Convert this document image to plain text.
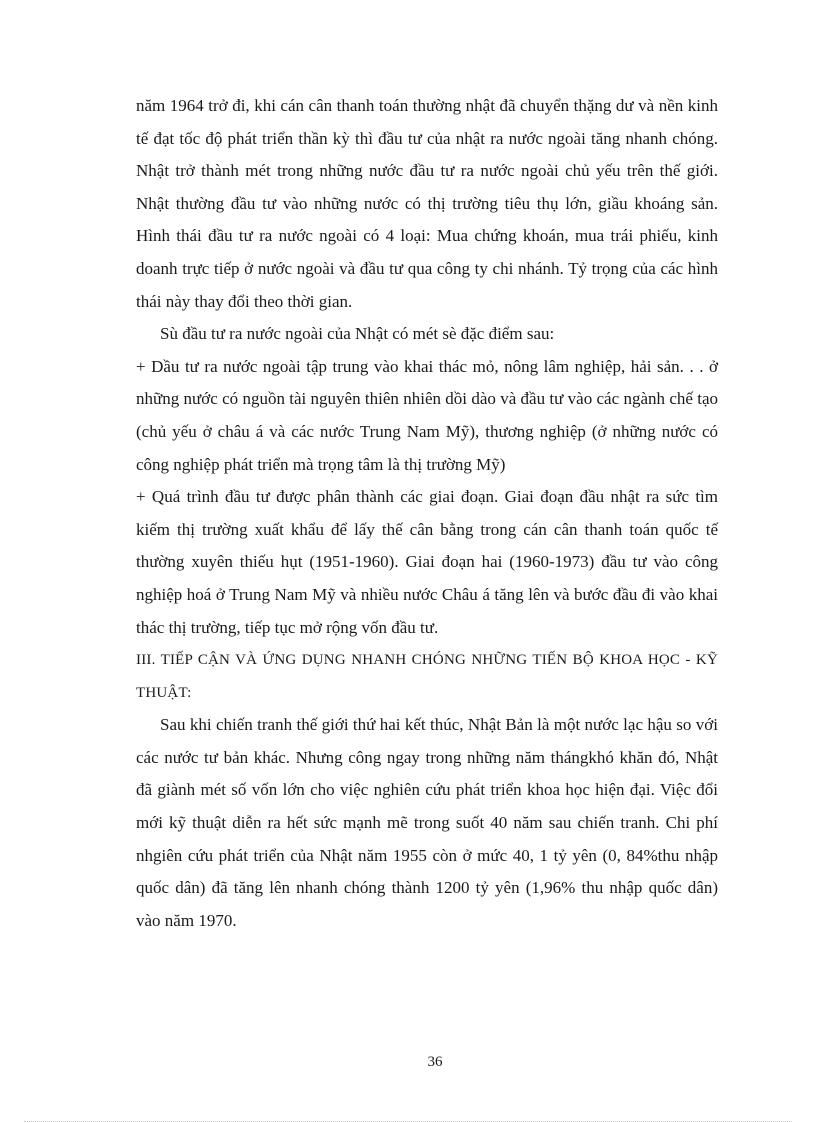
năm 1964 trở đi, khi cán cân thanh toán thường nhật đã chuyển thặng dư và nền kinh tế đạt tốc độ phát triển thần kỳ thì đầu tư của nhật ra nước ngoài tăng nhanh chóng. Nhật trở thành mét trong những nước đầu tư ra nước ngoài chủ yếu trên thế giới. Nhật thường đầu tư vào những nước có thị trường tiêu thụ lớn, giầu khoáng sản. Hình thái đầu tư ra nước ngoài có 4 loại: Mua chứng khoán, mua trái phiếu, kinh doanh trực tiếp ở nước ngoài và đầu tư qua công ty chi nhánh. Tỷ trọng của các hình thái này thay đổi theo thời gian.

Sù đầu tư ra nước ngoài của Nhật có mét sè đặc điểm sau:

+ Dầu tư ra nước ngoài tập trung vào khai thác mỏ, nông lâm nghiệp, hải sản. . . ở những nước có nguồn tài nguyên thiên nhiên dồi dào và đầu tư vào các ngành chế tạo (chủ yếu ở châu á và các nước Trung Nam Mỹ), thương nghiệp (ở những nước có công nghiệp phát triển mà trọng tâm là thị trường Mỹ)

+ Quá trình đầu tư được phân thành các giai đoạn. Giai đoạn đầu nhật ra sức tìm kiếm thị trường xuất khẩu để lấy thế cân bằng trong cán cân thanh toán quốc tế thường xuyên thiếu hụt (1951-1960). Giai đoạn hai (1960-1973) đầu tư vào công nghiệp hoá ở Trung Nam Mỹ và nhiều nước Châu á tăng lên và bước đầu đi vào khai thác thị trường, tiếp tục mở rộng vốn đầu tư.

III. TIẾP CẬN VÀ ỨNG DỤNG NHANH CHÓNG NHỮNG TIẾN BỘ KHOA HỌC - KỸ THUẬT:

Sau khi chiến tranh thế giới thứ hai kết thúc, Nhật Bản là một nước lạc hậu so với các nước tư bản khác. Nhưng công ngay trong những năm thángkhó khăn đó, Nhật đã giành mét số vốn lớn cho việc nghiên cứu phát triển khoa học hiện đại. Việc đổi mới kỹ thuật diễn ra hết sức mạnh mẽ trong suốt 40 năm sau chiến tranh. Chi phí nhgiên cứu phát triển của Nhật năm 1955 còn ở mức 40, 1 tỷ yên (0, 84%thu nhập quốc dân) đã tăng lên nhanh chóng thành 1200 tỷ yên (1,96% thu nhập quốc dân) vào năm 1970.

36
